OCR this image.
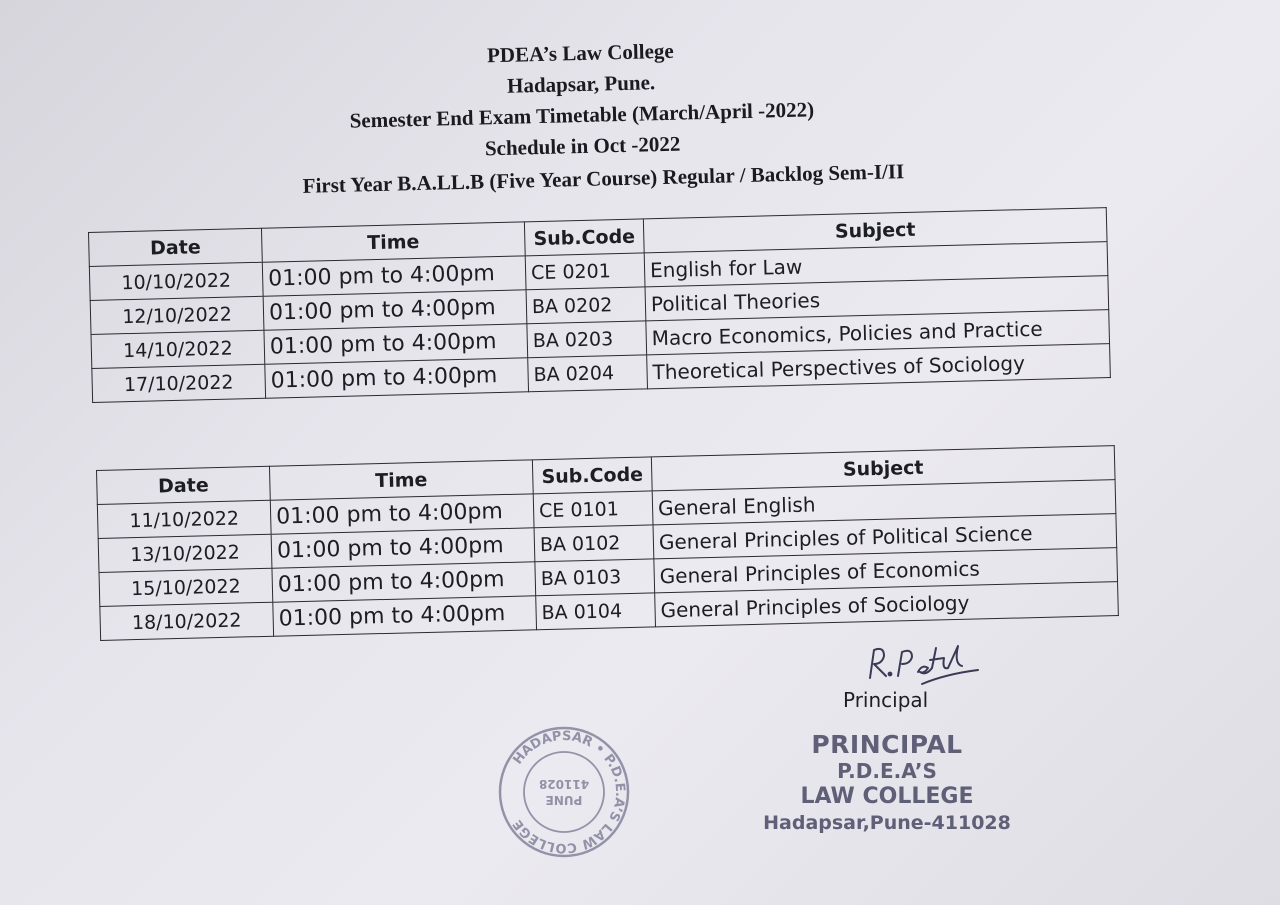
PDEA’s Law College
Hadapsar, Pune.
Semester End Exam Timetable (March/April -2022)
Schedule in Oct -2022
First Year B.A.LL.B (Five Year Course) Regular / Backlog Sem-I/II
Date	Time	Sub.Code	Subject
10/10/2022	01:00 pm to 4:00pm	CE 0201	English for Law
12/10/2022	01:00 pm to 4:00pm	BA 0202	Political Theories
14/10/2022	01:00 pm to 4:00pm	BA 0203	Macro Economics, Policies and Practice
17/10/2022	01:00 pm to 4:00pm	BA 0204	Theoretical Perspectives of Sociology
Date	Time	Sub.Code	Subject
11/10/2022	01:00 pm to 4:00pm	CE 0101	General English
13/10/2022	01:00 pm to 4:00pm	BA 0102	General Principles of Political Science
15/10/2022	01:00 pm to 4:00pm	BA 0103	General Principles of Economics
18/10/2022	01:00 pm to 4:00pm	BA 0104	General Principles of Sociology
Principal
PRINCIPAL
P.D.E.A’S
LAW COLLEGE
Hadapsar,Pune-411028
HADAPSAR • P.D.E.A’S LAW COLLEGE
PUNE
411028
